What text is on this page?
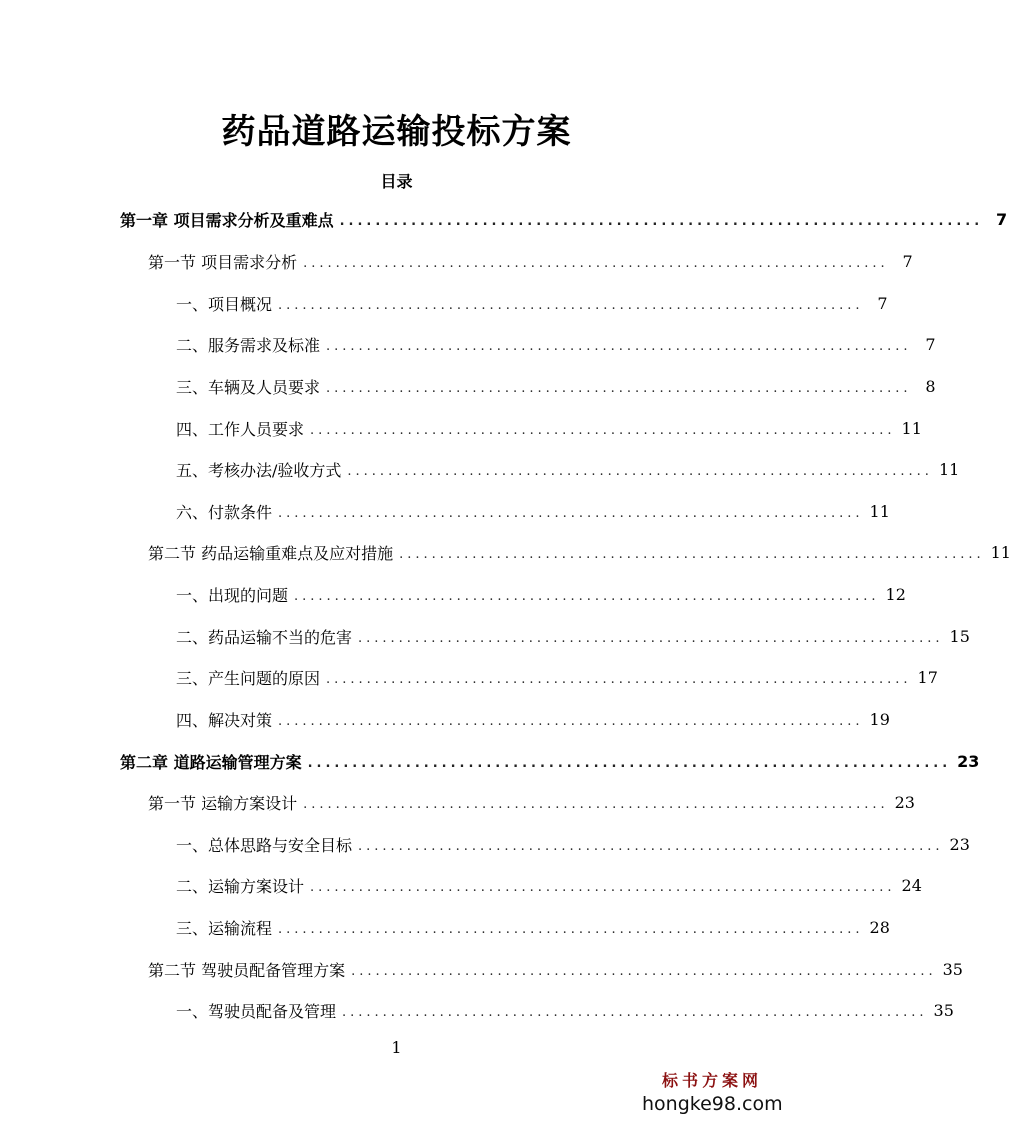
药品道路运输投标方案
目录
第一章 项目需求分析及重难点 ........................................................................ 7
第一节 项目需求分析 ........................................................................ 7
一、项目概况 ........................................................................ 7
二、服务需求及标准 ........................................................................ 7
三、车辆及人员要求 ........................................................................ 8
四、工作人员要求 ........................................................................ 11
五、考核办法/验收方式 ........................................................................ 11
六、付款条件 ........................................................................ 11
第二节 药品运输重难点及应对措施 ........................................................................ 11
一、出现的问题 ........................................................................ 12
二、药品运输不当的危害 ........................................................................ 15
三、产生问题的原因 ........................................................................ 17
四、解决对策 ........................................................................ 19
第二章 道路运输管理方案 ........................................................................ 23
第一节 运输方案设计 ........................................................................ 23
一、总体思路与安全目标 ........................................................................ 23
二、运输方案设计 ........................................................................ 24
三、运输流程 ........................................................................ 28
第二节 驾驶员配备管理方案 ........................................................................ 35
一、驾驶员配备及管理 ........................................................................ 35
1
标书方案网
hongke98.com
